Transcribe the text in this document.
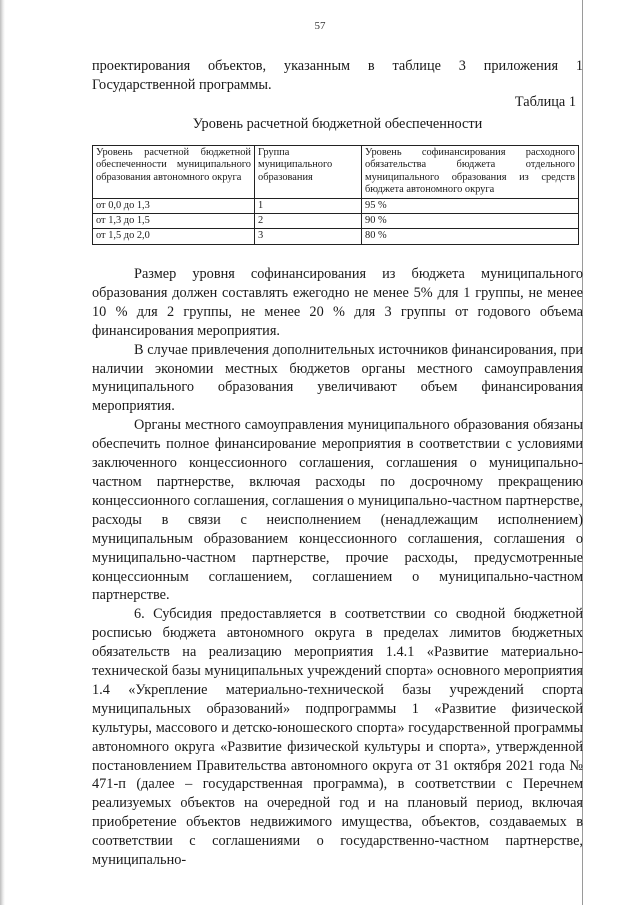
57

проектирования объектов, указанным в таблице 3 приложения 1 Государственной программы.

Таблица 1
Уровень расчетной бюджетной обеспеченности
Уровень расчетной бюджетной обеспеченности муниципального образования автономного округа	Группа муниципального образования	Уровень софинансирования расходного обязательства бюджета отдельного муниципального образования из средств бюджета автономного округа
от 0,0 до 1,3	1	95 %
от 1,3 до 1,5	2	90 %
от 1,5 до 2,0	3	80 %

Размер уровня софинансирования из бюджета муниципального образования должен составлять ежегодно не менее 5% для 1 группы, не менее 10 % для 2 группы, не менее 20 % для 3 группы от годового объема финансирования мероприятия.

В случае привлечения дополнительных источников финансирования, при наличии экономии местных бюджетов органы местного самоуправления муниципального образования увеличивают объем финансирования мероприятия.

Органы местного самоуправления муниципального образования обязаны обеспечить полное финансирование мероприятия в соответствии с условиями заключенного концессионного соглашения, соглашения о муниципально-частном партнерстве, включая расходы по досрочному прекращению концессионного соглашения, соглашения о муниципально-частном партнерстве, расходы в связи с неисполнением (ненадлежащим исполнением) муниципальным образованием концессионного соглашения, соглашения о муниципально-частном партнерстве, прочие расходы, предусмотренные концессионным соглашением, соглашением о муниципально-частном партнерстве.

6. Субсидия предоставляется в соответствии со сводной бюджетной росписью бюджета автономного округа в пределах лимитов бюджетных обязательств на реализацию мероприятия 1.4.1 «Развитие материально-технической базы муниципальных учреждений спорта» основного мероприятия 1.4 «Укрепление материально-технической базы учреждений спорта муниципальных образований» подпрограммы 1 «Развитие физической культуры, массового и детско-юношеского спорта» государственной программы автономного округа «Развитие физической культуры и спорта», утвержденной постановлением Правительства автономного округа от 31 октября 2021 года № 471-п (далее – государственная программа), в соответствии с Перечнем реализуемых объектов на очередной год и на плановый период, включая приобретение объектов недвижимого имущества, объектов, создаваемых в соответствии с соглашениями о государственно-частном партнерстве, муниципально-
